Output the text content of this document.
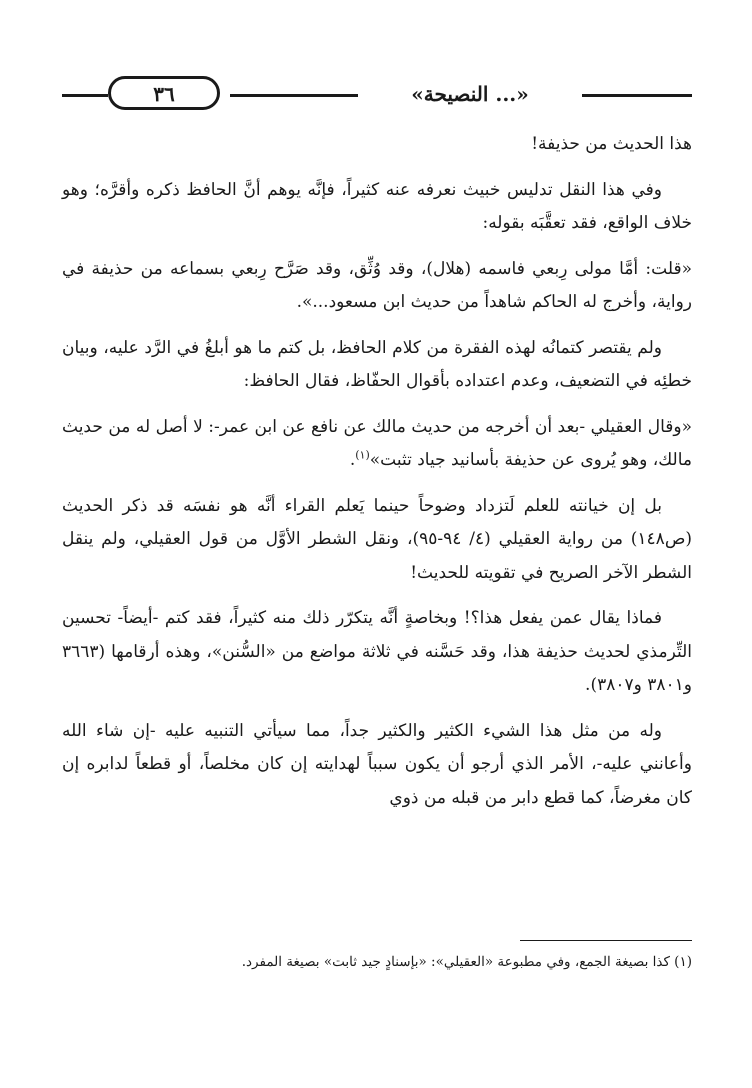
٣٦	«النصيحة ...»

هذا الحديث من حذيفة!

وفي هذا النقل تدليس خبيث نعرفه عنه كثيراً، فإنَّه يوهم أنَّ الحافظ ذكره وأقرَّه؛ وهو خلاف الواقع، فقد تعقَّبَه بقوله:

«قلت: أمَّا مولى رِبعي فاسمه (هلال)، وقد وُثِّق، وقد صَرَّح رِبعي بسماعه من حذيفة في رواية، وأخرج له الحاكم شاهداً من حديث ابن مسعود...».

ولم يقتصر كتمانُه لهذه الفقرة من كلام الحافظ، بل كتم ما هو أبلغُ في الرَّد عليه، وبيان خطئِه في التضعيف، وعدم اعتداده بأقوال الحفّاظ، فقال الحافظ:

«وقال العقيلي -بعد أن أخرجه من حديث مالك عن نافع عن ابن عمر-: لا أصل له من حديث مالك، وهو يُروى عن حذيفة بأسانيد جياد تثبت»$^{(١)}$.

بل إن خيانته للعلم لَتزداد وضوحاً حينما يَعلم القراء أنَّه هو نفسَه قد ذكر الحديث (ص١٤٨) من رواية العقيلي (٤/ ٩٤-٩٥)، ونقل الشطر الأوَّل من قول العقيلي، ولم ينقل الشطر الآخر الصريح في تقويته للحديث!

فماذا يقال عمن يفعل هذا؟! وبخاصةٍ أنَّه يتكرّر ذلك منه كثيراً، فقد كتم -أيضاً- تحسين التِّرمذي لحديث حذيفة هذا، وقد حَسَّنه في ثلاثة مواضع من «السُّنن»، وهذه أرقامها (٣٦٦٣ و٣٨٠١ و٣٨٠٧).

وله من مثل هذا الشيء الكثير والكثير جداً، مما سيأتي التنبيه عليه -إن شاء الله وأعانني عليه-، الأمر الذي أرجو أن يكون سبباً لهدايته إن كان مخلصاً، أو قطعاً لدابره إن كان مغرضاً، كما قطع دابر من قبله من ذوي

(١) كذا بصيغة الجمع، وفي مطبوعة «العقيلي»: «بإسنادٍ جيد ثابت» بصيغة المفرد.
